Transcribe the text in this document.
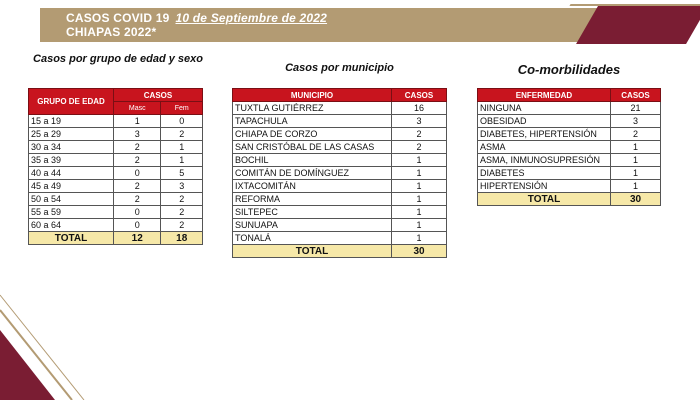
CASOS COVID 19 10 de Septiembre de 2022
CHIAPAS 2022*
Casos por grupo de edad y sexo
Casos por municipio	Co-morbilidades
GRUPO DE EDAD	CASOS	
	Masc	Fem
15 a 19	1	0
25 a 29	3	2
30 a 34	2	1
35 a 39	2	1
40 a 44	0	5
45 a 49	2	3
50 a 54	2	2
55 a 59	0	2
60 a 64	0	2
TOTAL	12	18
MUNICIPIO	CASOS
TUXTLA GUTIÉRREZ	16
TAPACHULA	3
CHIAPA DE CORZO	2
SAN CRISTÓBAL DE LAS CASAS	2
BOCHIL	1
COMITÁN DE DOMÍNGUEZ	1
IXTACOMITÁN	1
REFORMA	1
SILTEPEC	1
SUNUAPA	1
TONALÁ	1
TOTAL	30
ENFERMEDAD	CASOS
NINGUNA	21
OBESIDAD	3
DIABETES, HIPERTENSIÓN	2
ASMA	1
ASMA, INMUNOSUPRESIÓN	1
DIABETES	1
HIPERTENSIÓN	1
TOTAL	30
